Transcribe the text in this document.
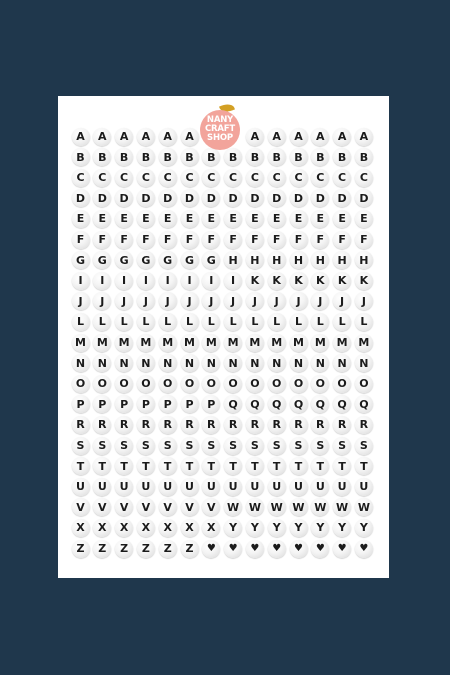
NANY
CRAFT
SHOP
A	A	A	A	A	A	A	A	A	A	A	A
B	B	B	B	B	B	B	B	B	B	B	B	B	B
C	C	C	C	C	C	C	C	C	C	C	C	C	C
D	D	D	D	D	D	D	D	D	D	D	D	D	D
E	E	E	E	E	E	E	E	E	E	E	E	E	E
F	F	F	F	F	F	F	F	F	F	F	F	F	F
G	G	G	G	G	G	G	H	H	H	H	H	H	H
I	I	I	I	I	I	I	I	K	K	K	K	K	K
J	J	J	J	J	J	J	J	J	J	J	J	J	J
L	L	L	L	L	L	L	L	L	L	L	L	L	L
M M M M M M M M M M M M M M
N	N	N	N	N	N	N	N	N	N	N	N	N	N
O	O	O	O	O	O	O	O	O	O	O	O	O	O
P	P	P	P	P	P	P	Q	Q	Q	Q	Q	Q	Q
R	R	R	R	R	R	R	R	R	R	R	R	R	R
S	S	S	S	S	S	S	S	S	S	S	S	S	S
T	T	T	T	T	T	T	T	T	T	T	T	T	T
U	U	U	U	U	U	U	U	U	U	U	U	U	U
V	V	V	V	V	V	V	W W W W W W W
X	X	X	X	X	X	X	Y	Y	Y	Y	Y	Y	Y
Z	Z	Z	Z	Z	Z	♥	♥	♥	♥	♥	♥	♥	♥
